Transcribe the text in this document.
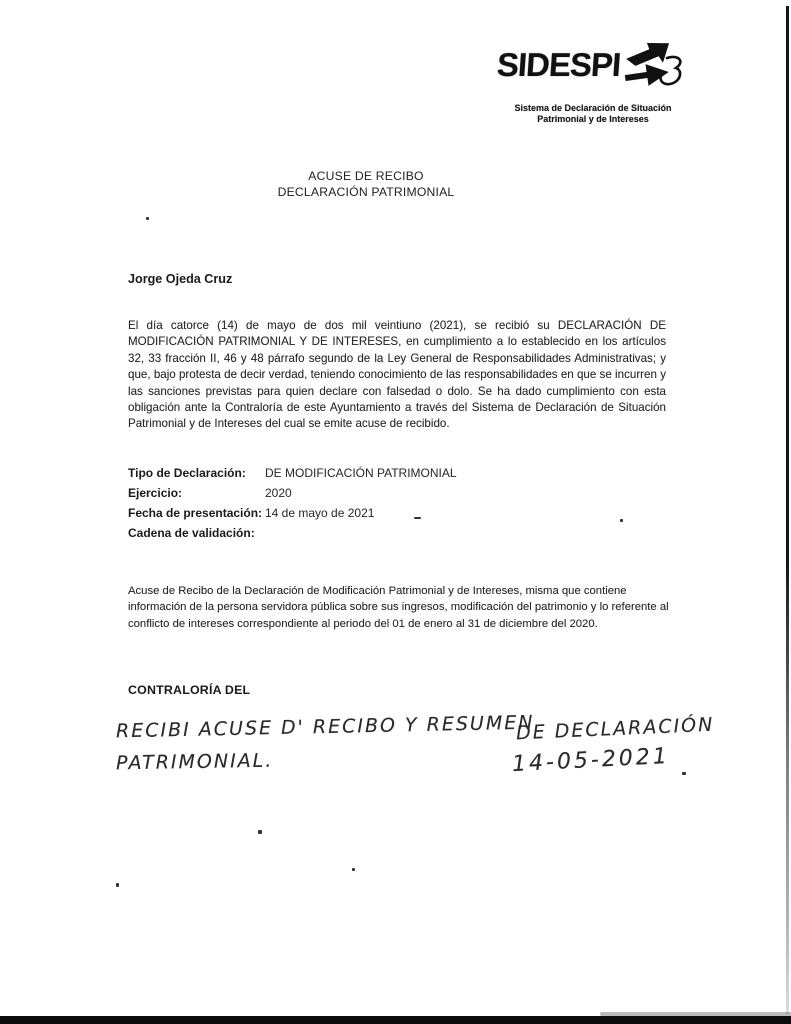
SIDESPI
Sistema de Declaración de Situación
Patrimonial y de Intereses
ACUSE DE RECIBO
DECLARACIÓN PATRIMONIAL
Jorge Ojeda Cruz

El día catorce (14) de mayo de dos mil veintiuno (2021), se recibió su DECLARACIÓN DE MODIFICACIÓN PATRIMONIAL Y DE INTERESES, en cumplimiento a lo establecido en los artículos 32, 33 fracción II, 46 y 48 párrafo segundo de la Ley General de Responsabilidades Administrativas; y que, bajo protesta de decir verdad, teniendo conocimiento de las responsabilidades en que se incurren y las sanciones previstas para quien declare con falsedad o dolo. Se ha dado cumplimiento con esta obligación ante la Contraloría de este Ayuntamiento a través del Sistema de Declaración de Situación Patrimonial y de Intereses del cual se emite acuse de recibido.

Tipo de Declaración:	DE MODIFICACIÓN PATRIMONIAL
Ejercicio:	2020
Fecha de presentación: 14 de mayo de 2021
Cadena de validación:

Acuse de Recibo de la Declaración de Modificación Patrimonial y de Intereses, misma que contiene información de la persona servidora pública sobre sus ingresos, modificación del patrimonio y lo referente al conflicto de intereses correspondiente al periodo del 01 de enero al 31 de diciembre del 2020.

CONTRALORÍA DEL
RECIBI ACUSE D' RECIBO Y RESUMEN
DE DECLARACIÓN
PATRIMONIAL.	14-05-2021
